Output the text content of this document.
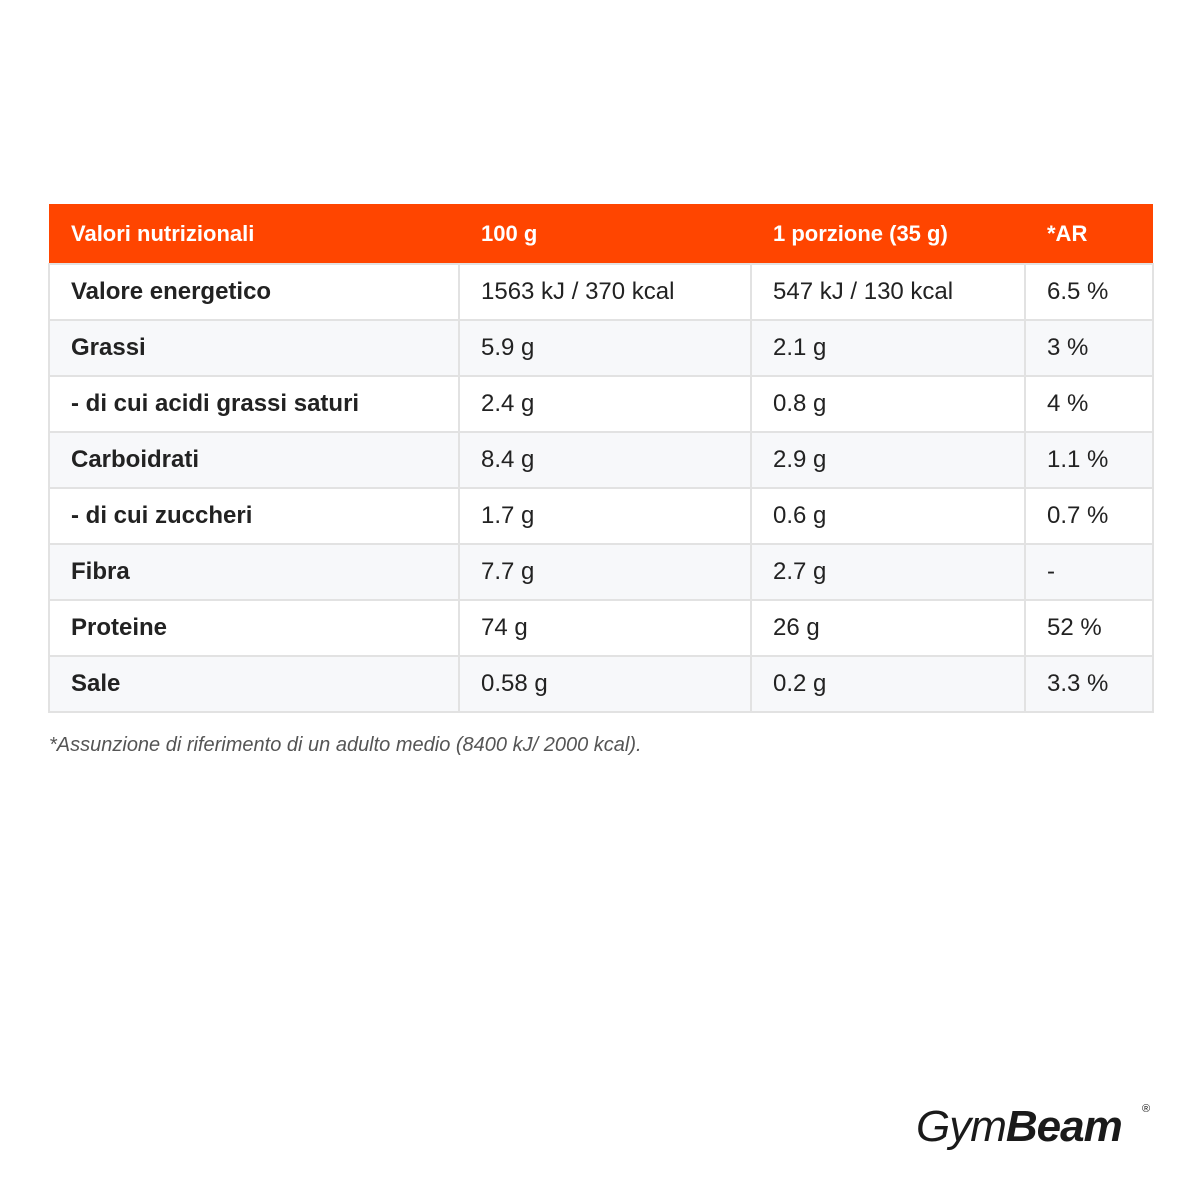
Valori nutrizionali	100 g	1 porzione (35 g)	*AR
Valore energetico	1563 kJ / 370 kcal	547 kJ / 130 kcal	6.5 %
Grassi	5.9 g	2.1 g	3 %
- di cui acidi grassi saturi	2.4 g	0.8 g	4 %
Carboidrati	8.4 g	2.9 g	1.1 %
- di cui zuccheri	1.7 g	0.6 g	0.7 %
Fibra	7.7 g	2.7 g	-
Proteine	74 g	26 g	52 %
Sale	0.58 g	0.2 g	3.3 %

*Assunzione di riferimento di un adulto medio (8400 kJ/ 2000 kcal).

GymBeam ®
